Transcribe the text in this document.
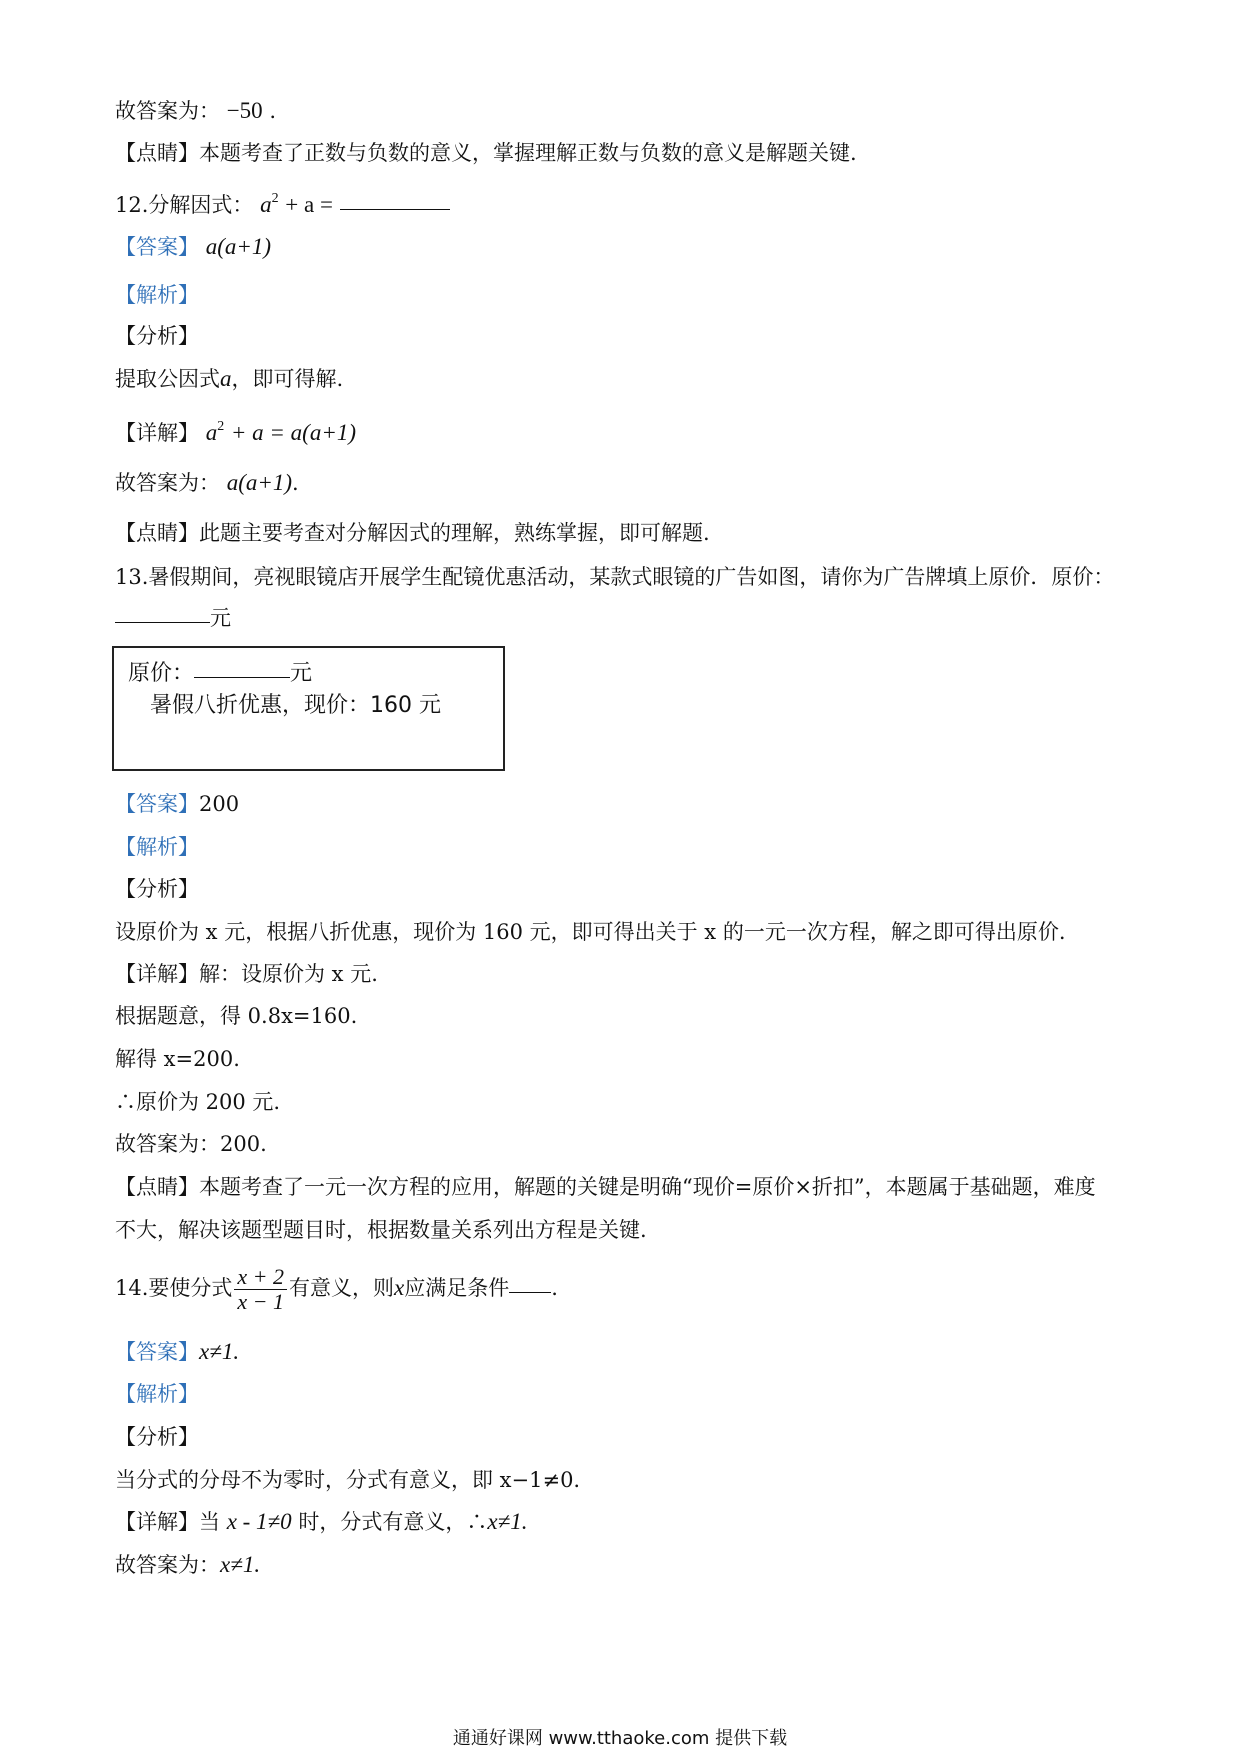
故答案为： −50 .
【点睛】本题考查了正数与负数的意义，掌握理解正数与负数的意义是解题关键.
12.分解因式： $a^2 + a$ =
【答案】 a(a+1)
【解析】
【分析】
提取公因式a，即可得解.
【详解】 $a^2 + a = a(a+1)$
故答案为： a(a+1).
【点睛】此题主要考查对分解因式的理解，熟练掌握，即可解题.
13.暑假期间，亮视眼镜店开展学生配镜优惠活动，某款式眼镜的广告如图，请你为广告牌填上原价．原价：
元
原价：	元
暑假八折优惠，现价：160 元
【答案】200
【解析】
【分析】
设原价为 x 元，根据八折优惠，现价为 160 元，即可得出关于 x 的一元一次方程，解之即可得出原价.
【详解】解：设原价为 x 元.
根据题意，得 0.8x=160.
解得 x=200.
∴原价为 200 元.
故答案为：200.
【点睛】本题考查了一元一次方程的应用，解题的关键是明确“现价=原价×折扣”，本题属于基础题，难度
不大，解决该题型题目时，根据数量关系列出方程是关键.
14.要使分式 $\frac{x + 2}{x - 1}$ 有意义，则x应满足条件 .
【答案】x≠1.
【解析】
【分析】
当分式的分母不为零时，分式有意义，即 x−1≠0.
【详解】当 x - 1≠0 时，分式有意义，∴x≠1.
故答案为：x≠1.
通通好课网 www.tthaoke.com 提供下载
